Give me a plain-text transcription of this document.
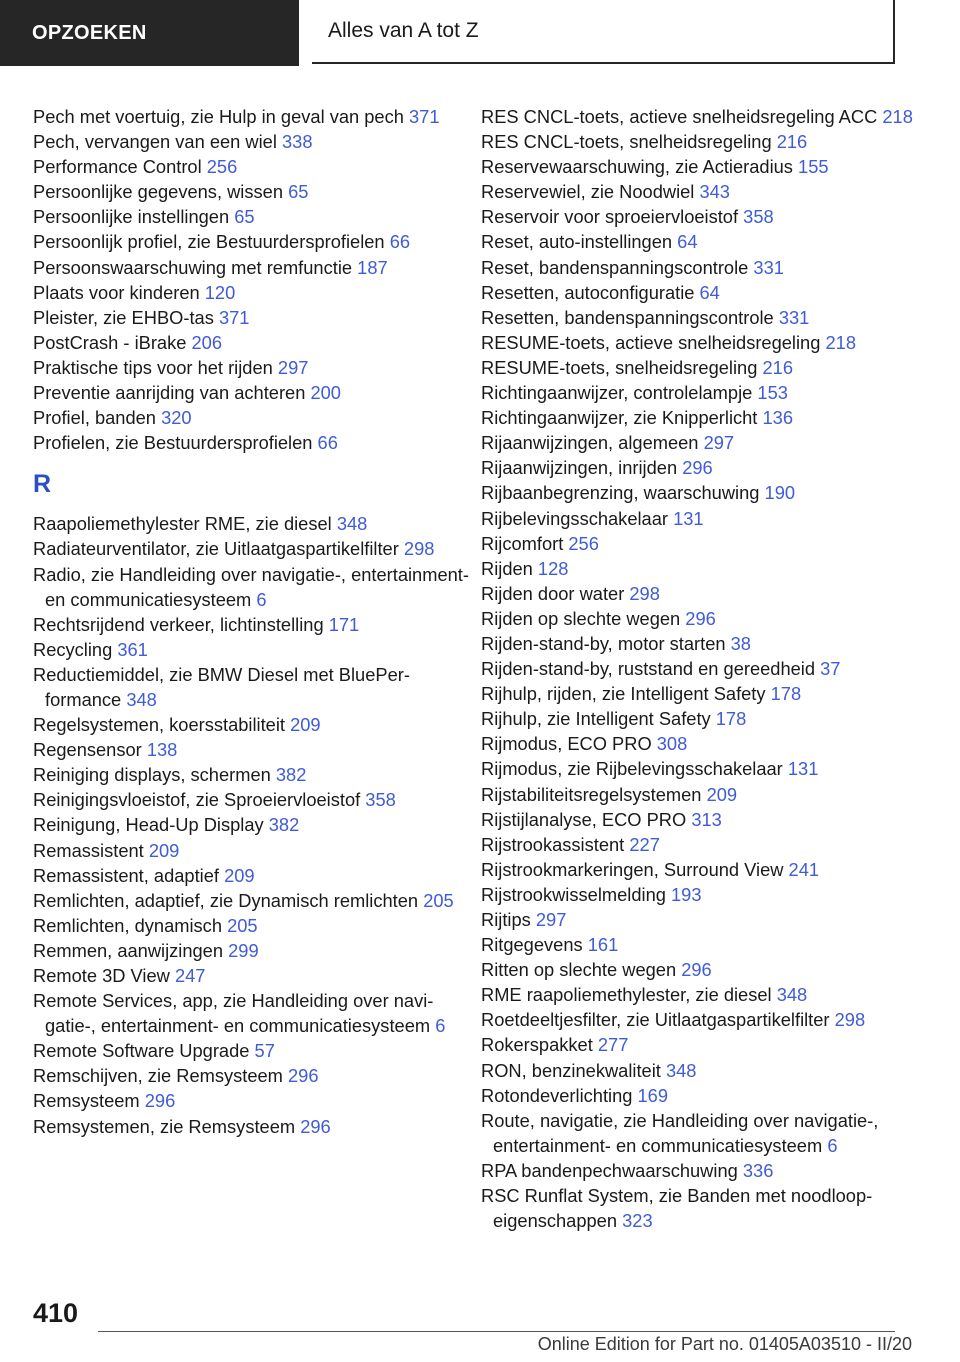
OPZOEKEN	Alles van A tot Z
Pech met voertuig, zie Hulp in geval van pech 371
Pech, vervangen van een wiel 338
Performance Control 256
Persoonlijke gegevens, wissen 65
Persoonlijke instellingen 65
Persoonlijk profiel, zie Bestuurdersprofielen 66
Persoonswaarschuwing met remfunctie 187
Plaats voor kinderen 120
Pleister, zie EHBO-tas 371
PostCrash - iBrake 206
Praktische tips voor het rijden 297
Preventie aanrijding van achteren 200
Profiel, banden 320
Profielen, zie Bestuurdersprofielen 66
R
Raapoliemethylester RME, zie diesel 348
Radiateurventilator, zie Uitlaatgaspartikelfilter 298
Radio, zie Handleiding over navigatie-, entertainment- en communicatiesysteem 6
Rechtsrijdend verkeer, lichtinstelling 171
Recycling 361
Reductiemiddel, zie BMW Diesel met BluePerformance 348
Regelsystemen, koersstabiliteit 209
Regensensor 138
Reiniging displays, schermen 382
Reinigingsvloeistof, zie Sproeiervloeistof 358
Reinigung, Head-Up Display 382
Remassistent 209
Remassistent, adaptief 209
Remlichten, adaptief, zie Dynamisch remlichten 205
Remlichten, dynamisch 205
Remmen, aanwijzingen 299
Remote 3D View 247
Remote Services, app, zie Handleiding over navigatie-, entertainment- en communicatiesysteem 6
Remote Software Upgrade 57
Remschijven, zie Remsysteem 296
Remsysteem 296
Remsystemen, zie Remsysteem 296
RES CNCL-toets, actieve snelheidsregeling ACC 218
RES CNCL-toets, snelheidsregeling 216
Reservewaarschuwing, zie Actieradius 155
Reservewiel, zie Noodwiel 343
Reservoir voor sproeiervloeistof 358
Reset, auto-instellingen 64
Reset, bandenspanningscontrole 331
Resetten, autoconfiguratie 64
Resetten, bandenspanningscontrole 331
RESUME-toets, actieve snelheidsregeling 218
RESUME-toets, snelheidsregeling 216
Richtingaanwijzer, controlelampje 153
Richtingaanwijzer, zie Knipperlicht 136
Rijaanwijzingen, algemeen 297
Rijaanwijzingen, inrijden 296
Rijbaanbegrenzing, waarschuwing 190
Rijbelevingsschakelaar 131
Rijcomfort 256
Rijden 128
Rijden door water 298
Rijden op slechte wegen 296
Rijden-stand-by, motor starten 38
Rijden-stand-by, ruststand en gereedheid 37
Rijhulp, rijden, zie Intelligent Safety 178
Rijhulp, zie Intelligent Safety 178
Rijmodus, ECO PRO 308
Rijmodus, zie Rijbelevingsschakelaar 131
Rijstabiliteitsregelsystemen 209
Rijstijlanalyse, ECO PRO 313
Rijstrookassistent 227
Rijstrookmarkeringen, Surround View 241
Rijstrookwisselmelding 193
Rijtips 297
Ritgegevens 161
Ritten op slechte wegen 296
RME raapoliemethylester, zie diesel 348
Roetdeeltjesfilter, zie Uitlaatgaspartikelfilter 298
Rokerspakket 277
RON, benzinekwaliteit 348
Rotondeverlichting 169
Route, navigatie, zie Handleiding over navigatie-, entertainment- en communicatiesysteem 6
RPA bandenpechwaarschuwing 336
RSC Runflat System, zie Banden met noodloopeigenschappen 323
410
Online Edition for Part no. 01405A03510 - II/20
